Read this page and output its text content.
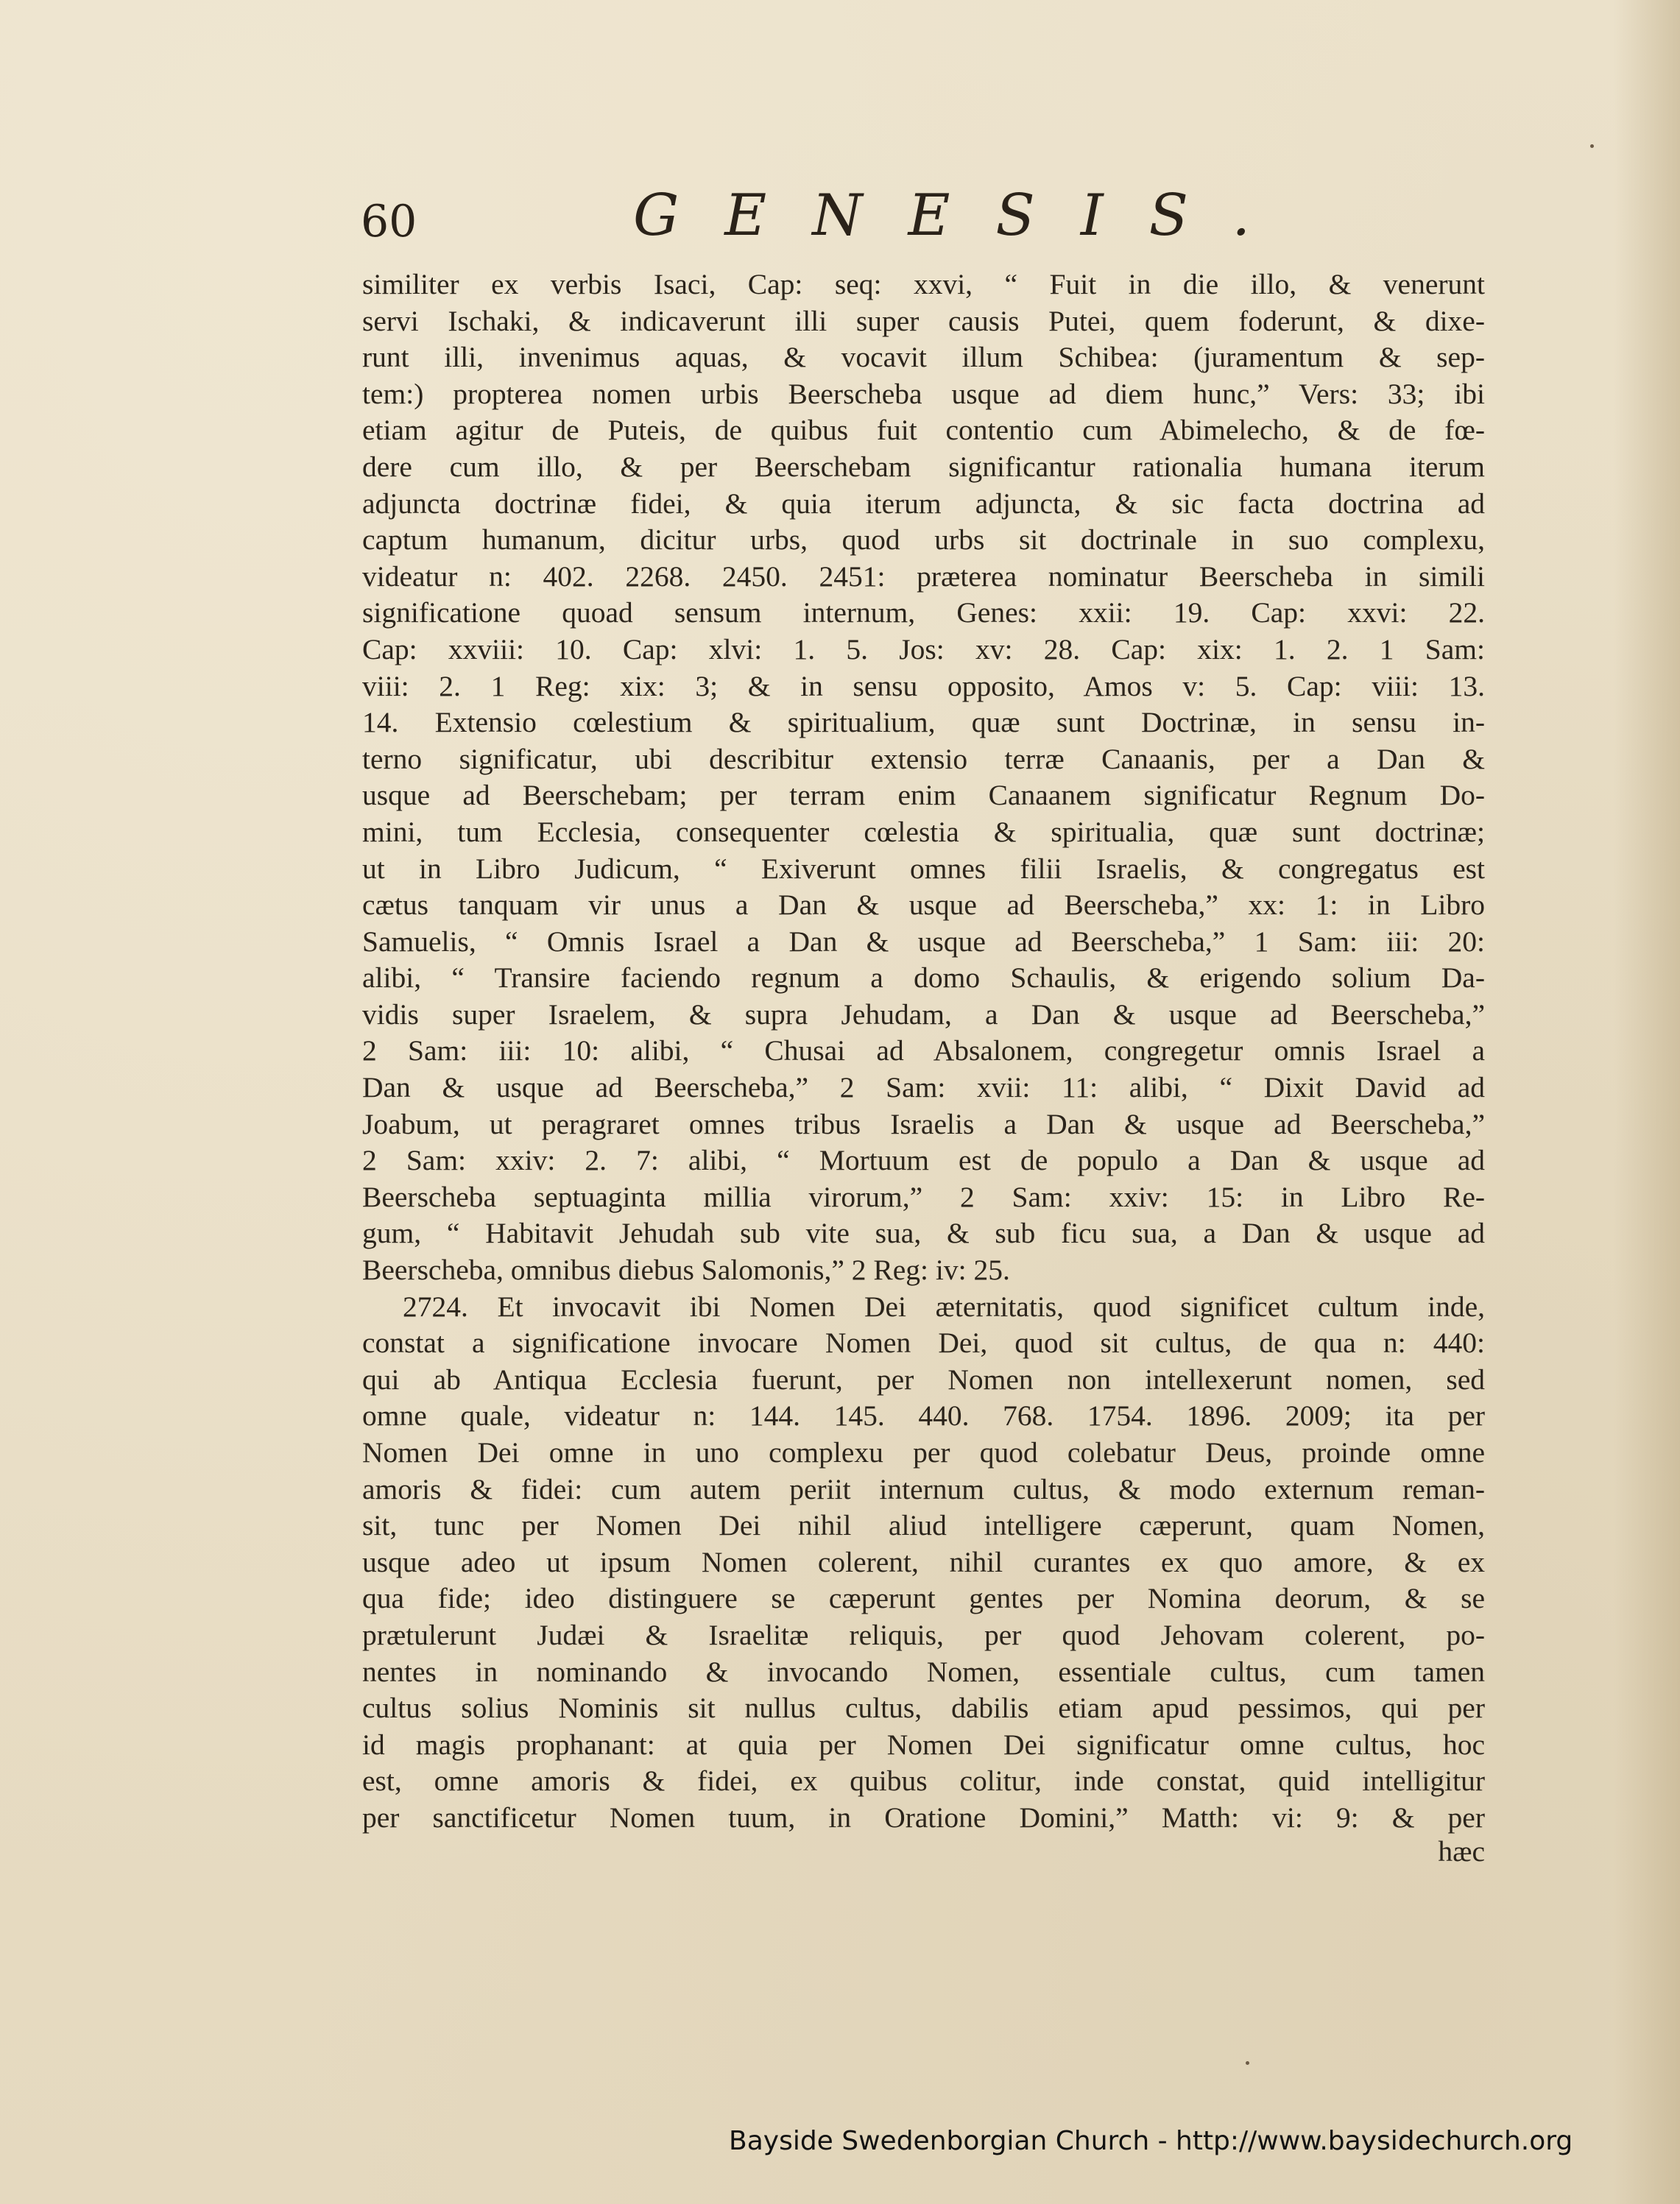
60	GENESIS.
similiter ex verbis Isaci, Cap: seq: xxvi, “ Fuit in die illo, & venerunt
servi Ischaki, & indicaverunt illi super causis Putei, quem foderunt, & dixe-
runt illi, invenimus aquas, & vocavit illum Schibea: (juramentum & sep-
tem:) propterea nomen urbis Beerscheba usque ad diem hunc,” Vers: 33; ibi
etiam agitur de Puteis, de quibus fuit contentio cum Abimelecho, & de fœ-
dere cum illo, & per Beerschebam significantur rationalia humana iterum
adjuncta doctrinæ fidei, & quia iterum adjuncta, & sic facta doctrina ad
captum humanum, dicitur urbs, quod urbs sit doctrinale in suo complexu,
videatur n: 402. 2268. 2450. 2451: præterea nominatur Beerscheba in simili
significatione quoad sensum internum, Genes: xxii: 19. Cap: xxvi: 22.
Cap: xxviii: 10. Cap: xlvi: 1. 5. Jos: xv: 28. Cap: xix: 1. 2. 1 Sam:
viii: 2. 1 Reg: xix: 3; & in sensu opposito, Amos v: 5. Cap: viii: 13.
14. Extensio cœlestium & spiritualium, quæ sunt Doctrinæ, in sensu in-
terno significatur, ubi describitur extensio terræ Canaanis, per a Dan &
usque ad Beerschebam; per terram enim Canaanem significatur Regnum Do-
mini, tum Ecclesia, consequenter cœlestia & spiritualia, quæ sunt doctrinæ;
ut in Libro Judicum, “ Exiverunt omnes filii Israelis, & congregatus est
cætus tanquam vir unus a Dan & usque ad Beerscheba,” xx: 1: in Libro
Samuelis, “ Omnis Israel a Dan & usque ad Beerscheba,” 1 Sam: iii: 20:
alibi, “ Transire faciendo regnum a domo Schaulis, & erigendo solium Da-
vidis super Israelem, & supra Jehudam, a Dan & usque ad Beerscheba,”
2 Sam: iii: 10: alibi, “ Chusai ad Absalonem, congregetur omnis Israel a
Dan & usque ad Beerscheba,” 2 Sam: xvii: 11: alibi, “ Dixit David ad
Joabum, ut peragraret omnes tribus Israelis a Dan & usque ad Beerscheba,”
2 Sam: xxiv: 2. 7: alibi, “ Mortuum est de populo a Dan & usque ad
Beerscheba septuaginta millia virorum,” 2 Sam: xxiv: 15: in Libro Re-
gum, “ Habitavit Jehudah sub vite sua, & sub ficu sua, a Dan & usque ad
Beerscheba, omnibus diebus Salomonis,” 2 Reg: iv: 25.
2724. Et invocavit ibi Nomen Dei æternitatis, quod significet cultum inde,
constat a significatione invocare Nomen Dei, quod sit cultus, de qua n: 440:
qui ab Antiqua Ecclesia fuerunt, per Nomen non intellexerunt nomen, sed
omne quale, videatur n: 144. 145. 440. 768. 1754. 1896. 2009; ita per
Nomen Dei omne in uno complexu per quod colebatur Deus, proinde omne
amoris & fidei: cum autem periit internum cultus, & modo externum reman-
sit, tunc per Nomen Dei nihil aliud intelligere cæperunt, quam Nomen,
usque adeo ut ipsum Nomen colerent, nihil curantes ex quo amore, & ex
qua fide; ideo distinguere se cæperunt gentes per Nomina deorum, & se
prætulerunt Judæi & Israelitæ reliquis, per quod Jehovam colerent, po-
nentes in nominando & invocando Nomen, essentiale cultus, cum tamen
cultus solius Nominis sit nullus cultus, dabilis etiam apud pessimos, qui per
id magis prophanant: at quia per Nomen Dei significatur omne cultus, hoc
est, omne amoris & fidei, ex quibus colitur, inde constat, quid intelligitur
per sanctificetur Nomen tuum, in Oratione Domini,” Matth: vi: 9: & per
hæc
Bayside Swedenborgian Church - http://www.baysidechurch.org
